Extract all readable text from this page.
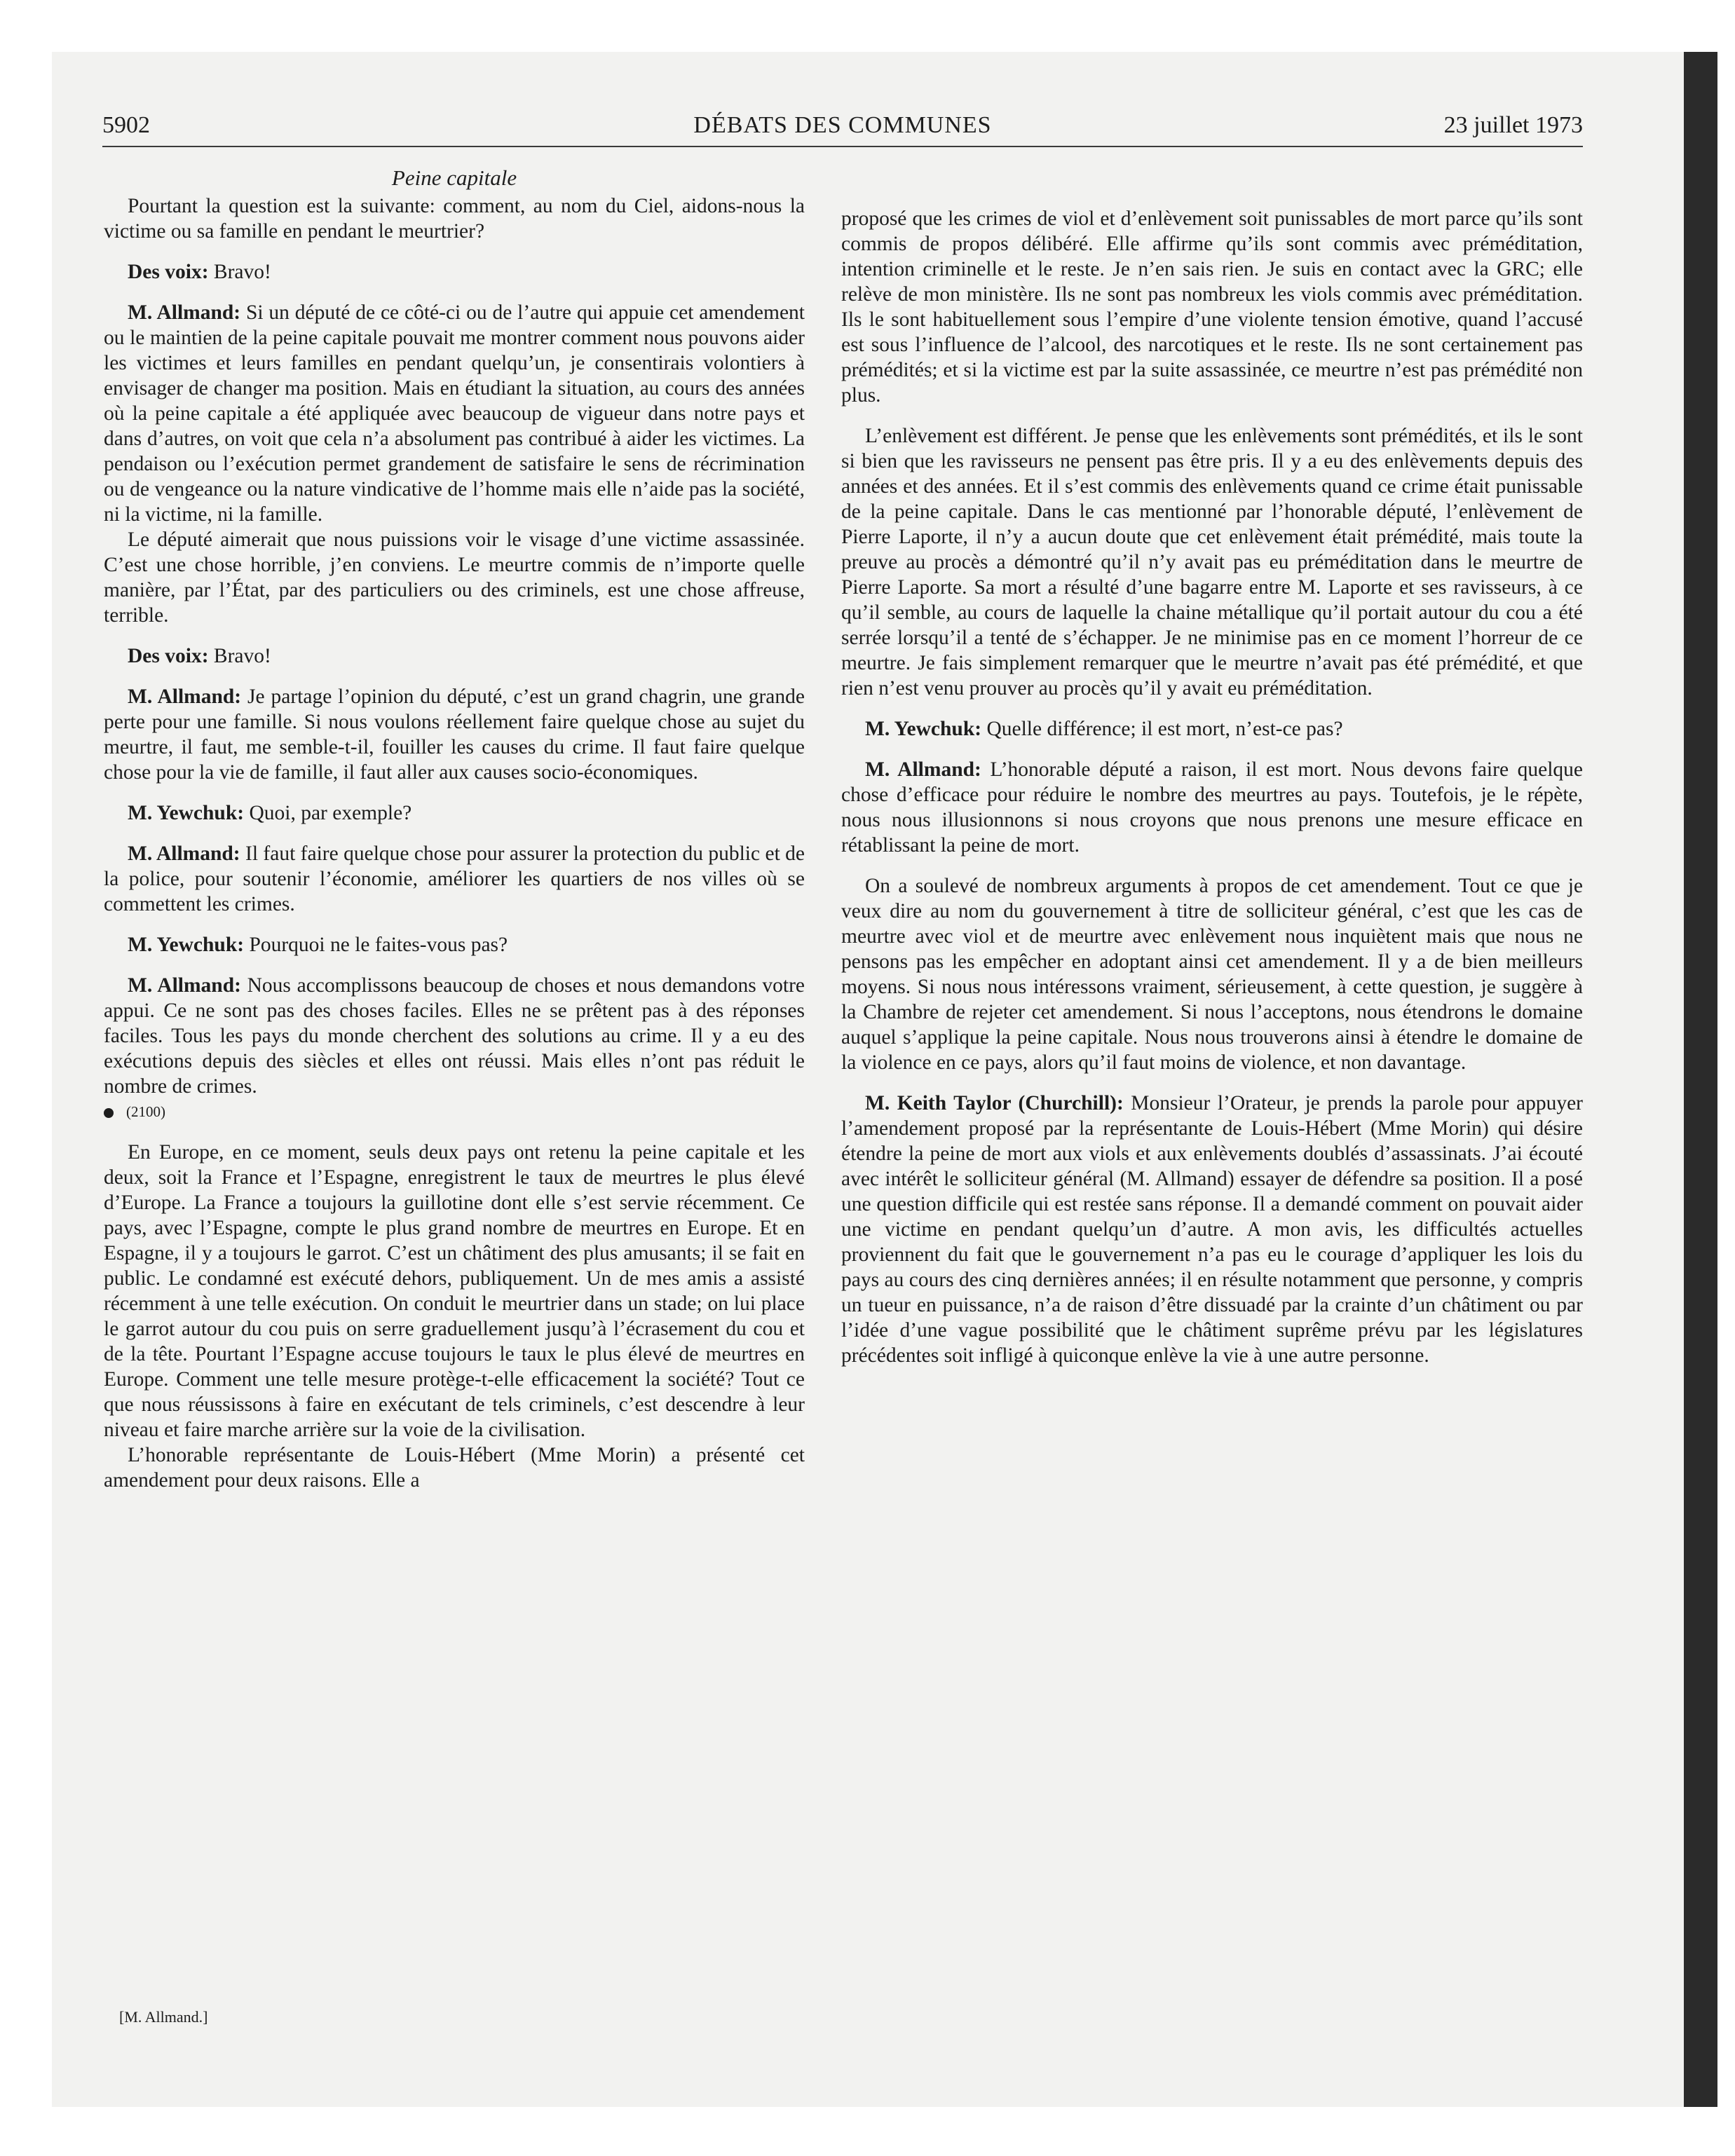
5902	DÉBATS DES COMMUNES	23 juillet 1973
Peine capitale

Pourtant la question est la suivante: comment, au nom du Ciel, aidons-nous la victime ou sa famille en pendant le meurtrier?

Des voix: Bravo!

M. Allmand: Si un député de ce côté-ci ou de l’autre qui appuie cet amendement ou le maintien de la peine capitale pouvait me montrer comment nous pouvons aider les victimes et leurs familles en pendant quelqu’un, je consentirais volontiers à envisager de changer ma position. Mais en étudiant la situation, au cours des années où la peine capitale a été appliquée avec beaucoup de vigueur dans notre pays et dans d’autres, on voit que cela n’a absolument pas contribué à aider les victimes. La pendaison ou l’exécution permet grandement de satisfaire le sens de récrimination ou de vengeance ou la nature vindicative de l’homme mais elle n’aide pas la société, ni la victime, ni la famille.

Le député aimerait que nous puissions voir le visage d’une victime assassinée. C’est une chose horrible, j’en conviens. Le meurtre commis de n’importe quelle manière, par l’État, par des particuliers ou des criminels, est une chose affreuse, terrible.

Des voix: Bravo!

M. Allmand: Je partage l’opinion du député, c’est un grand chagrin, une grande perte pour une famille. Si nous voulons réellement faire quelque chose au sujet du meurtre, il faut, me semble-t-il, fouiller les causes du crime. Il faut faire quelque chose pour la vie de famille, il faut aller aux causes socio-économiques.

M. Yewchuk: Quoi, par exemple?

M. Allmand: Il faut faire quelque chose pour assurer la protection du public et de la police, pour soutenir l’économie, améliorer les quartiers de nos villes où se commettent les crimes.

M. Yewchuk: Pourquoi ne le faites-vous pas?

M. Allmand: Nous accomplissons beaucoup de choses et nous demandons votre appui. Ce ne sont pas des choses faciles. Elles ne se prêtent pas à des réponses faciles. Tous les pays du monde cherchent des solutions au crime. Il y a eu des exécutions depuis des siècles et elles ont réussi. Mais elles n’ont pas réduit le nombre de crimes.

(2100)

En Europe, en ce moment, seuls deux pays ont retenu la peine capitale et les deux, soit la France et l’Espagne, enregistrent le taux de meurtres le plus élevé d’Europe. La France a toujours la guillotine dont elle s’est servie récemment. Ce pays, avec l’Espagne, compte le plus grand nombre de meurtres en Europe. Et en Espagne, il y a toujours le garrot. C’est un châtiment des plus amusants; il se fait en public. Le condamné est exécuté dehors, publiquement. Un de mes amis a assisté récemment à une telle exécution. On conduit le meurtrier dans un stade; on lui place le garrot autour du cou puis on serre graduellement jusqu’à l’écrasement du cou et de la tête. Pourtant l’Espagne accuse toujours le taux le plus élevé de meurtres en Europe. Comment une telle mesure protège-t-elle efficacement la société? Tout ce que nous réussissons à faire en exécutant de tels criminels, c’est descendre à leur niveau et faire marche arrière sur la voie de la civilisation.

L’honorable représentante de Louis-Hébert (Mme Morin) a présenté cet amendement pour deux raisons. Elle a

proposé que les crimes de viol et d’enlèvement soit punissables de mort parce qu’ils sont commis de propos délibéré. Elle affirme qu’ils sont commis avec préméditation, intention criminelle et le reste. Je n’en sais rien. Je suis en contact avec la GRC; elle relève de mon ministère. Ils ne sont pas nombreux les viols commis avec préméditation. Ils le sont habituellement sous l’empire d’une violente tension émotive, quand l’accusé est sous l’influence de l’alcool, des narcotiques et le reste. Ils ne sont certainement pas prémédités; et si la victime est par la suite assassinée, ce meurtre n’est pas prémédité non plus.

L’enlèvement est différent. Je pense que les enlèvements sont prémédités, et ils le sont si bien que les ravisseurs ne pensent pas être pris. Il y a eu des enlèvements depuis des années et des années. Et il s’est commis des enlèvements quand ce crime était punissable de la peine capitale. Dans le cas mentionné par l’honorable député, l’enlèvement de Pierre Laporte, il n’y a aucun doute que cet enlèvement était prémédité, mais toute la preuve au procès a démontré qu’il n’y avait pas eu préméditation dans le meurtre de Pierre Laporte. Sa mort a résulté d’une bagarre entre M. Laporte et ses ravisseurs, à ce qu’il semble, au cours de laquelle la chaine métallique qu’il portait autour du cou a été serrée lorsqu’il a tenté de s’échapper. Je ne minimise pas en ce moment l’horreur de ce meurtre. Je fais simplement remarquer que le meurtre n’avait pas été prémédité, et que rien n’est venu prouver au procès qu’il y avait eu préméditation.

M. Yewchuk: Quelle différence; il est mort, n’est-ce pas?

M. Allmand: L’honorable député a raison, il est mort. Nous devons faire quelque chose d’efficace pour réduire le nombre des meurtres au pays. Toutefois, je le répète, nous nous illusionnons si nous croyons que nous prenons une mesure efficace en rétablissant la peine de mort.

On a soulevé de nombreux arguments à propos de cet amendement. Tout ce que je veux dire au nom du gouvernement à titre de solliciteur général, c’est que les cas de meurtre avec viol et de meurtre avec enlèvement nous inquiètent mais que nous ne pensons pas les empêcher en adoptant ainsi cet amendement. Il y a de bien meilleurs moyens. Si nous nous intéressons vraiment, sérieusement, à cette question, je suggère à la Chambre de rejeter cet amendement. Si nous l’acceptons, nous étendrons le domaine auquel s’applique la peine capitale. Nous nous trouverons ainsi à étendre le domaine de la violence en ce pays, alors qu’il faut moins de violence, et non davantage.

M. Keith Taylor (Churchill): Monsieur l’Orateur, je prends la parole pour appuyer l’amendement proposé par la représentante de Louis-Hébert (Mme Morin) qui désire étendre la peine de mort aux viols et aux enlèvements doublés d’assassinats. J’ai écouté avec intérêt le solliciteur général (M. Allmand) essayer de défendre sa position. Il a posé une question difficile qui est restée sans réponse. Il a demandé comment on pouvait aider une victime en pendant quelqu’un d’autre. A mon avis, les difficultés actuelles proviennent du fait que le gouvernement n’a pas eu le courage d’appliquer les lois du pays au cours des cinq dernières années; il en résulte notamment que personne, y compris un tueur en puissance, n’a de raison d’être dissuadé par la crainte d’un châtiment ou par l’idée d’une vague possibilité que le châtiment suprême prévu par les législatures précédentes soit infligé à quiconque enlève la vie à une autre personne.

[M. Allmand.]
